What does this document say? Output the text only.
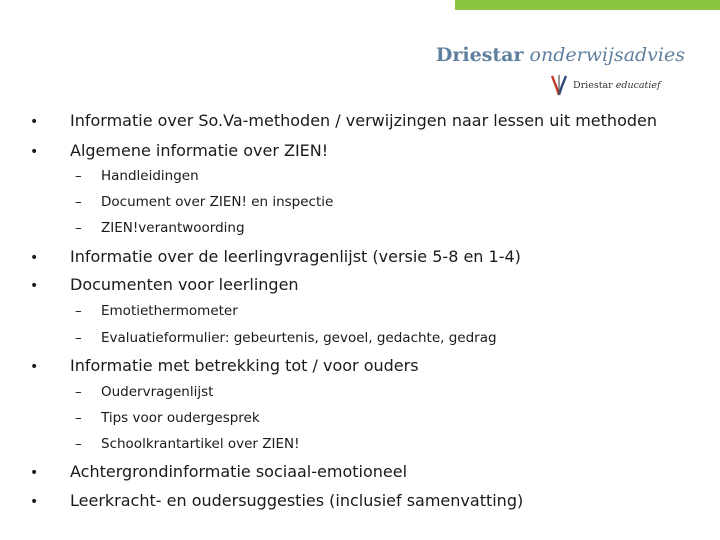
Driestar onderwijsadvies
Driestar educatief
• Informatie over So.Va-methoden / verwijzingen naar lessen uit methoden
• Algemene informatie over ZIEN!
– Handleidingen
– Document over ZIEN! en inspectie
– ZIEN!verantwoording
• Informatie over de leerlingvragenlijst (versie 5-8 en 1-4)
• Documenten voor leerlingen
– Emotiethermometer
– Evaluatieformulier: gebeurtenis, gevoel, gedachte, gedrag
• Informatie met betrekking tot / voor ouders
– Oudervragenlijst
– Tips voor oudergesprek
– Schoolkrantartikel over ZIEN!
• Achtergrondinformatie sociaal-emotioneel
• Leerkracht- en oudersuggesties (inclusief samenvatting)
